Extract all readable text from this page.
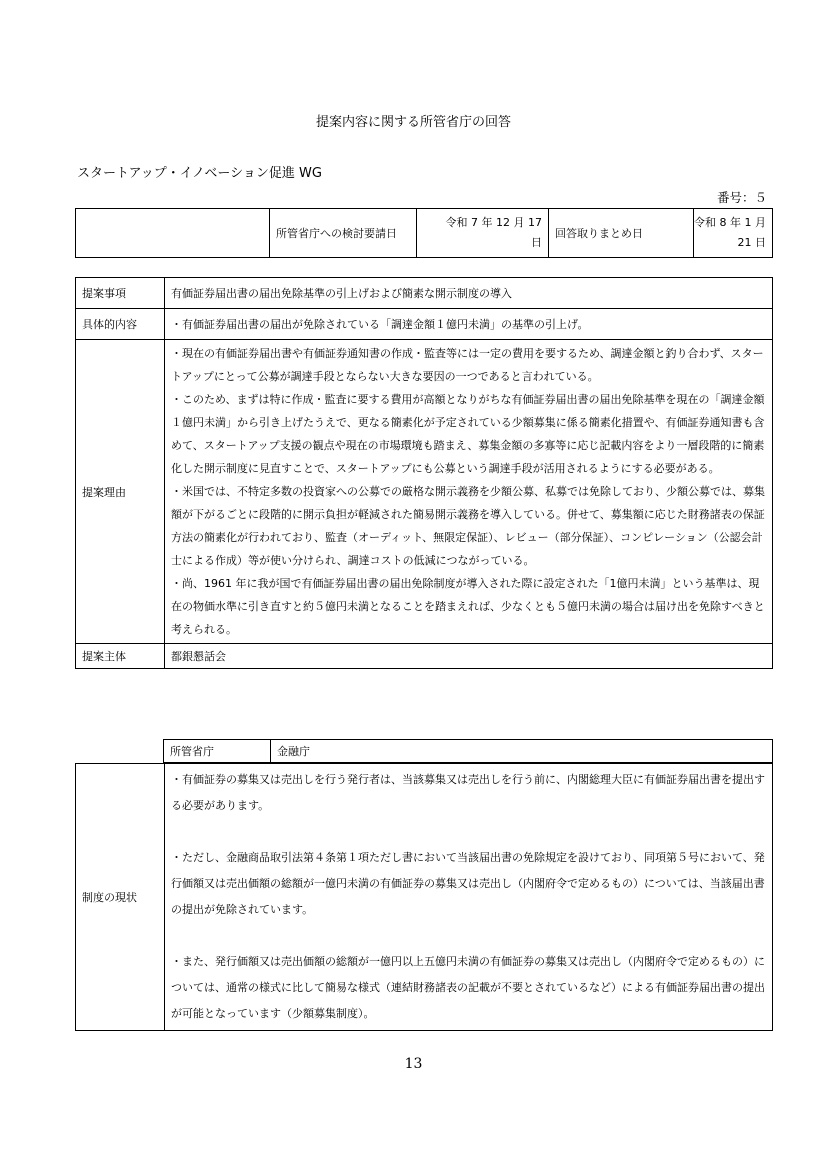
提案内容に関する所管省庁の回答
スタートアップ・イノベーション促進 WG
番号：５
	所管省庁への検討要請日	
令和 7 年 12 月 17
日
	回答取りまとめ日	
令和 8 年 1 月
21 日
提案事項	有価証券届出書の届出免除基準の引上げおよび簡素な開示制度の導入
具体的内容	・有価証券届出書の届出が免除されている「調達金額１億円未満」の基準の引上げ。
提案理由	・現在の有価証券届出書や有価証券通知書の作成・監査等には一定の費用を要するため、調達金額と釣り合わず、スタートアップにとって公募が調達手段とならない大きな要因の一つであると言われている。

・このため、まずは特に作成・監査に要する費用が高額となりがちな有価証券届出書の届出免除基準を現在の「調達金額１億円未満」から引き上げたうえで、更なる簡素化が予定されている少額募集に係る簡素化措置や、有価証券通知書も含めて、スタートアップ支援の観点や現在の市場環境も踏まえ、募集金額の多寡等に応じ記載内容をより一層段階的に簡素化した開示制度に見直すことで、スタートアップにも公募という調達手段が活用されるようにする必要がある。

・米国では、不特定多数の投資家への公募での厳格な開示義務を少額公募、私募では免除しており、少額公募では、募集額が下がるごとに段階的に開示負担が軽減された簡易開示義務を導入している。併せて、募集額に応じた財務諸表の保証方法の簡素化が行われており、監査（オーディット、無限定保証）、レビュー（部分保証）、コンピレーション（公認会計士による作成）等が使い分けられ、調達コストの低減につながっている。

・尚、1961 年に我が国で有価証券届出書の届出免除制度が導入された際に設定された「1億円未満」という基準は、現在の物価水準に引き直すと約５億円未満となることを踏まえれば、少なくとも５億円未満の場合は届け出を免除すべきと考えられる。

提案主体	都銀懇話会
所管省庁	金融庁
制度の現状	

・有価証券の募集又は売出しを行う発行者は、当該募集又は売出しを行う前に、内閣総理大臣に有価証券届出書を提出する必要があります。

・ただし、金融商品取引法第４条第１項ただし書において当該届出書の免除規定を設けており、同項第５号において、発行価額又は売出価額の総額が一億円未満の有価証券の募集又は売出し（内閣府令で定めるもの）については、当該届出書の提出が免除されています。

・また、発行価額又は売出価額の総額が一億円以上五億円未満の有価証券の募集又は売出し（内閣府令で定めるもの）については、通常の様式に比して簡易な様式（連結財務諸表の記載が不要とされているなど）による有価証券届出書の提出が可能となっています（少額募集制度）。

13
